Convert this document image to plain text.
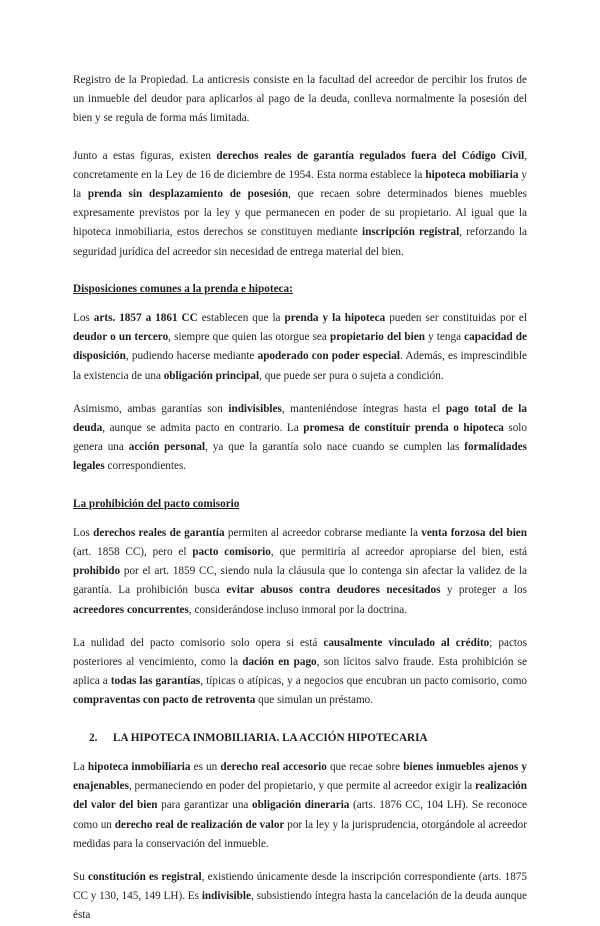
Registro de la Propiedad. La anticresis consiste en la facultad del acreedor de percibir los frutos de un inmueble del deudor para aplicarlos al pago de la deuda, conlleva normalmente la posesión del bien y se regula de forma más limitada.

Junto a estas figuras, existen derechos reales de garantía regulados fuera del Código Civil, concretamente en la Ley de 16 de diciembre de 1954. Esta norma establece la hipoteca mobiliaria y la prenda sin desplazamiento de posesión, que recaen sobre determinados bienes muebles expresamente previstos por la ley y que permanecen en poder de su propietario. Al igual que la hipoteca inmobiliaria, estos derechos se constituyen mediante inscripción registral, reforzando la seguridad jurídica del acreedor sin necesidad de entrega material del bien.

Disposiciones comunes a la prenda e hipoteca:

Los arts. 1857 a 1861 CC establecen que la prenda y la hipoteca pueden ser constituidas por el deudor o un tercero, siempre que quien las otorgue sea propietario del bien y tenga capacidad de disposición, pudiendo hacerse mediante apoderado con poder especial. Además, es imprescindible la existencia de una obligación principal, que puede ser pura o sujeta a condición.

Asimismo, ambas garantías son indivisibles, manteniéndose íntegras hasta el pago total de la deuda, aunque se admita pacto en contrario. La promesa de constituir prenda o hipoteca solo genera una acción personal, ya que la garantía solo nace cuando se cumplen las formalidades legales correspondientes.

La prohibición del pacto comisorio

Los derechos reales de garantía permiten al acreedor cobrarse mediante la venta forzosa del bien (art. 1858 CC), pero el pacto comisorio, que permitiría al acreedor apropiarse del bien, está prohibido por el art. 1859 CC, siendo nula la cláusula que lo contenga sin afectar la validez de la garantía. La prohibición busca evitar abusos contra deudores necesitados y proteger a los acreedores concurrentes, considerándose incluso inmoral por la doctrina.

La nulidad del pacto comisorio solo opera si está causalmente vinculado al crédito; pactos posteriores al vencimiento, como la dación en pago, son lícitos salvo fraude. Esta prohibición se aplica a todas las garantías, típicas o atípicas, y a negocios que encubran un pacto comisorio, como compraventas con pacto de retroventa que simulan un préstamo.

2. LA HIPOTECA INMOBILIARIA. LA ACCIÓN HIPOTECARIA

La hipoteca inmobiliaria es un derecho real accesorio que recae sobre bienes inmuebles ajenos y enajenables, permaneciendo en poder del propietario, y que permite al acreedor exigir la realización del valor del bien para garantizar una obligación dineraria (arts. 1876 CC, 104 LH). Se reconoce como un derecho real de realización de valor por la ley y la jurisprudencia, otorgándole al acreedor medidas para la conservación del inmueble.

Su constitución es registral, existiendo únicamente desde la inscripción correspondiente (arts. 1875 CC y 130, 145, 149 LH). Es indivisible, subsistiendo íntegra hasta la cancelación de la deuda aunque ésta
